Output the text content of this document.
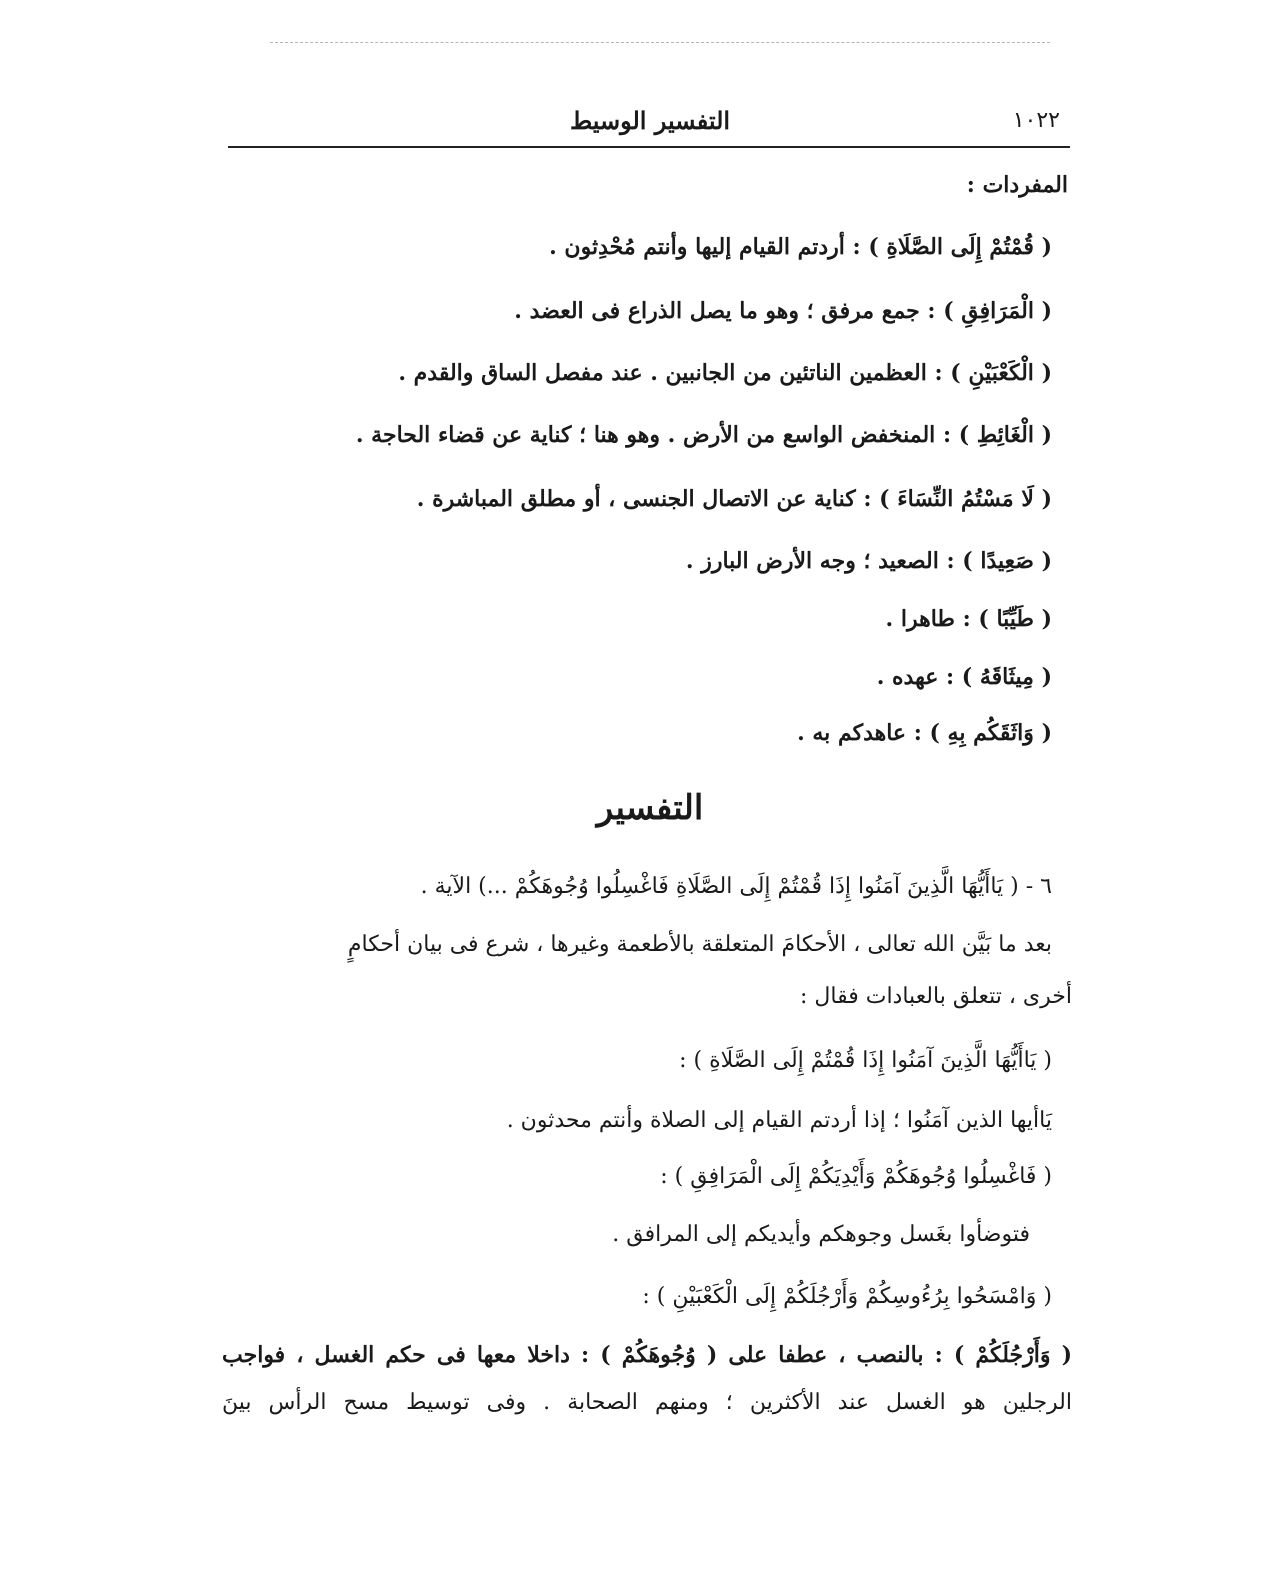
التفسير الوسيط	١٠٢٢
المفردات :
( قُمْتُمْ إِلَى الصَّلَاةِ ) : أردتم القيام إليها وأنتم مُحْدِثون .
( الْمَرَافِقِ ) : جمع مرفق ؛ وهو ما يصل الذراع فى العضد .
( الْكَعْبَيْنِ ) : العظمين الناتئين من الجانبين . عند مفصل الساق والقدم .
( الْغَائِطِ ) : المنخفض الواسع من الأرض . وهو هنا ؛ كناية عن قضاء الحاجة .
( لَا مَسْتُمُ النِّسَاءَ ) : كناية عن الاتصال الجنسى ، أو مطلق المباشرة .
( صَعِيدًا ) : الصعيد ؛ وجه الأرض البارز .
( طَيِّبًا ) : طاهرا .
( مِيثَاقَهُ ) : عهده .
( وَاثَقَكُم بِهِ ) : عاهدكم به .
التفسير
٦ - ( يَاأَيُّهَا الَّذِينَ آمَنُوا إِذَا قُمْتُمْ إِلَى الصَّلَاةِ فَاغْسِلُوا وُجُوهَكُمْ ...) الآية .
بعد ما بَيَّن الله تعالى ، الأحكامَ المتعلقة بالأطعمة وغيرها ، شرع فى بيان أحكامٍ
أخرى ، تتعلق بالعبادات فقال :
( يَاأَيُّهَا الَّذِينَ آمَنُوا إِذَا قُمْتُمْ إِلَى الصَّلَاةِ ) :
يَاأيها الذين آمَنُوا ؛ إذا أردتم القيام إلى الصلاة وأنتم محدثون .
( فَاغْسِلُوا وُجُوهَكُمْ وَأَيْدِيَكُمْ إِلَى الْمَرَافِقِ ) :
فتوضأوا بغَسل وجوهكم وأيديكم إلى المرافق .
( وَامْسَحُوا بِرُءُوسِكُمْ وَأَرْجُلَكُمْ إِلَى الْكَعْبَيْنِ ) :
( وَأَرْجُلَكُمْ ) : بالنصب ، عطفا على ( وُجُوهَكُمْ ) : داخلا معها فى حكم الغسل ، فواجب
الرجلين هو الغسل عند الأكثرين ؛ ومنهم الصحابة . وفى توسيط مسح الرأس بينَ
